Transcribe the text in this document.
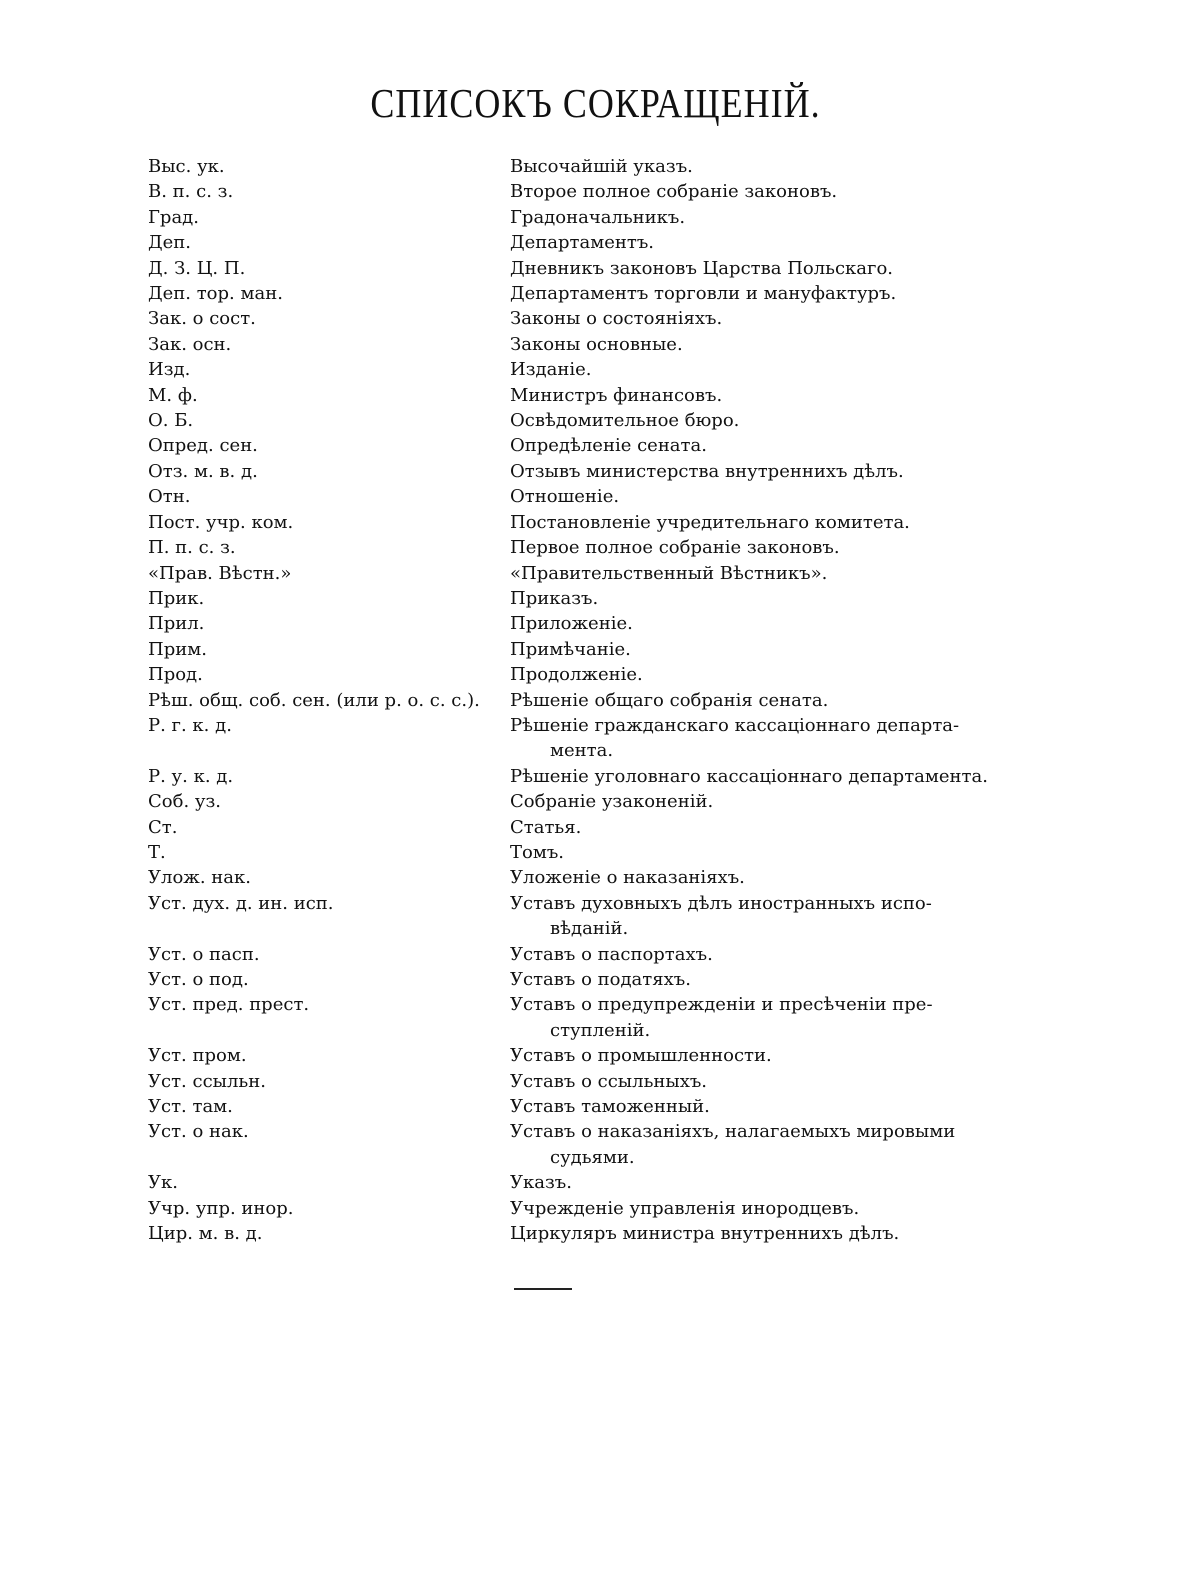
СПИСОКЪ СОКРАЩЕНІЙ.
Выс. ук.	Высочайшій указъ.
В. п. с. з.	Второе полное собраніе законовъ.
Град.	Градоначальникъ.
Деп.	Департаментъ.
Д. З. Ц. П.	Дневникъ законовъ Царства Польскаго.
Деп. тор. ман.	Департаментъ торговли и мануфактуръ.
Зак. о сост.	Законы о состояніяхъ.
Зак. осн.	Законы основные.
Изд.	Изданіе.
М. ф.	Министръ финансовъ.
О. Б.	Освѣдомительное бюро.
Опред. сен.	Опредѣленіе сената.
Отз. м. в. д.	Отзывъ министерства внутреннихъ дѣлъ.
Отн.	Отношеніе.
Пост. учр. ком.	Постановленіе учредительнаго комитета.
П. п. с. з.	Первое полное собраніе законовъ.
«Прав. Вѣстн.»	«Правительственный Вѣстникъ».
Прик.	Приказъ.
Прил.	Приложеніе.
Прим.	Примѣчаніе.
Прод.	Продолженіе.
Рѣш. общ. соб. сен. (или р. о. с. с.).	Рѣшеніе общаго собранія сената.
Р. г. к. д.	Рѣшеніе гражданскаго кассаціоннаго департа-
мента.
Р. у. к. д.	Рѣшеніе уголовнаго кассаціоннаго департамента.
Соб. уз.	Собраніе узаконеній.
Ст.	Статья.
Т.	Томъ.
Улож. нак.	Уложеніе о наказаніяхъ.
Уст. дух. д. ин. исп.	Уставъ духовныхъ дѣлъ иностранныхъ испо-
вѣданій.
Уст. о пасп.	Уставъ о паспортахъ.
Уст. о под.	Уставъ о податяхъ.
Уст. пред. прест.	Уставъ о предупрежденіи и пресѣченіи пре-
ступленій.
Уст. пром.	Уставъ о промышленности.
Уст. ссыльн.	Уставъ о ссыльныхъ.
Уст. там.	Уставъ таможенный.
Уст. о нак.	Уставъ о наказаніяхъ, налагаемыхъ мировыми
судьями.
Ук.	Указъ.
Учр. упр. инор.	Учрежденіе управленія инородцевъ.
Цир. м. в. д.	Циркуляръ министра внутреннихъ дѣлъ.
